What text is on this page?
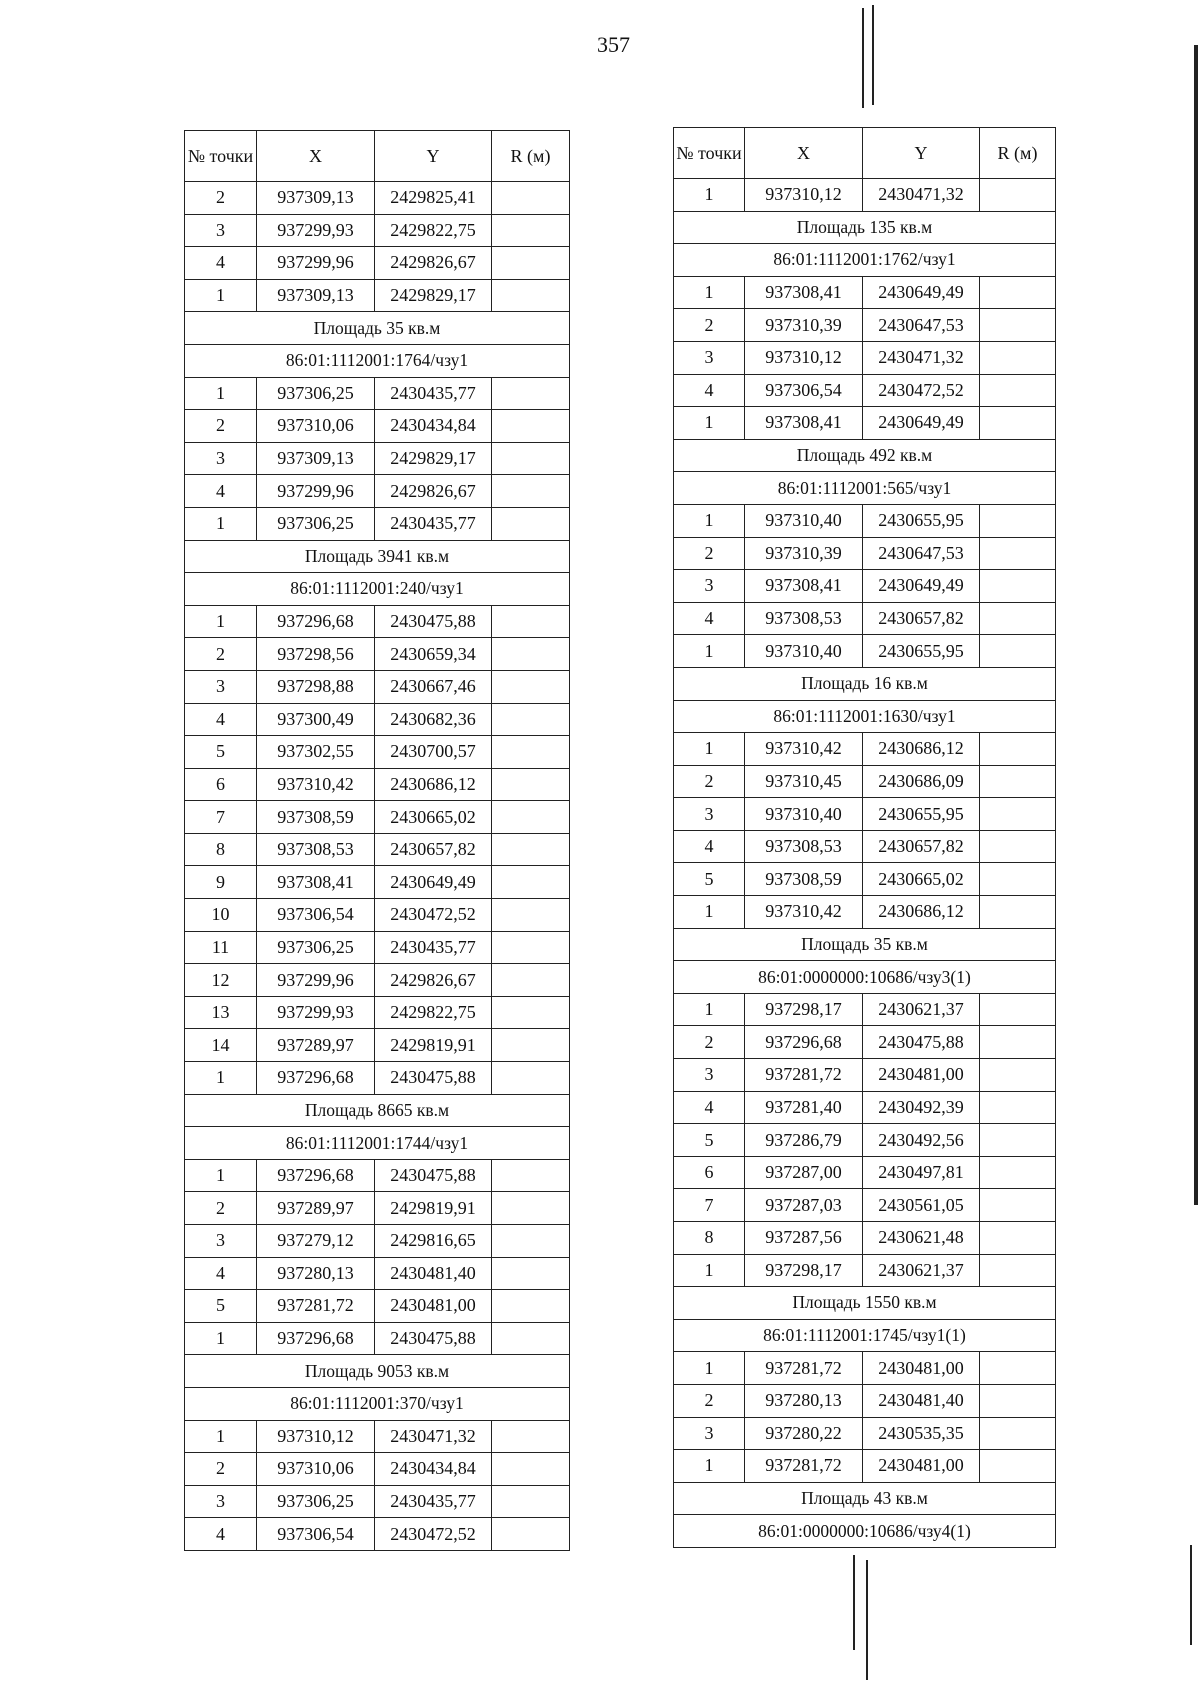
357
№ точки	X	Y	R (м)
2	937309,13	2429825,41	
3	937299,93	2429822,75	
4	937299,96	2429826,67	
1	937309,13	2429829,17	
Площадь 35 кв.м			
86:01:1112001:1764/чзу1			
1	937306,25	2430435,77	
2	937310,06	2430434,84	
3	937309,13	2429829,17	
4	937299,96	2429826,67	
1	937306,25	2430435,77	
Площадь 3941 кв.м			
86:01:1112001:240/чзу1			
1	937296,68	2430475,88	
2	937298,56	2430659,34	
3	937298,88	2430667,46	
4	937300,49	2430682,36	
5	937302,55	2430700,57	
6	937310,42	2430686,12	
7	937308,59	2430665,02	
8	937308,53	2430657,82	
9	937308,41	2430649,49	
10	937306,54	2430472,52	
11	937306,25	2430435,77	
12	937299,96	2429826,67	
13	937299,93	2429822,75	
14	937289,97	2429819,91	
1	937296,68	2430475,88	
Площадь 8665 кв.м			
86:01:1112001:1744/чзу1			
1	937296,68	2430475,88	
2	937289,97	2429819,91	
3	937279,12	2429816,65	
4	937280,13	2430481,40	
5	937281,72	2430481,00	
1	937296,68	2430475,88	
Площадь 9053 кв.м			
86:01:1112001:370/чзу1			
1	937310,12	2430471,32	
2	937310,06	2430434,84	
3	937306,25	2430435,77	
4	937306,54	2430472,52	
№ точки	X	Y	R (м)
1	937310,12	2430471,32	
Площадь 135 кв.м			
86:01:1112001:1762/чзу1			
1	937308,41	2430649,49	
2	937310,39	2430647,53	
3	937310,12	2430471,32	
4	937306,54	2430472,52	
1	937308,41	2430649,49	
Площадь 492 кв.м			
86:01:1112001:565/чзу1			
1	937310,40	2430655,95	
2	937310,39	2430647,53	
3	937308,41	2430649,49	
4	937308,53	2430657,82	
1	937310,40	2430655,95	
Площадь 16 кв.м			
86:01:1112001:1630/чзу1			
1	937310,42	2430686,12	
2	937310,45	2430686,09	
3	937310,40	2430655,95	
4	937308,53	2430657,82	
5	937308,59	2430665,02	
1	937310,42	2430686,12	
Площадь 35 кв.м			
86:01:0000000:10686/чзу3(1)			
1	937298,17	2430621,37	
2	937296,68	2430475,88	
3	937281,72	2430481,00	
4	937281,40	2430492,39	
5	937286,79	2430492,56	
6	937287,00	2430497,81	
7	937287,03	2430561,05	
8	937287,56	2430621,48	
1	937298,17	2430621,37	
Площадь 1550 кв.м			
86:01:1112001:1745/чзу1(1)			
1	937281,72	2430481,00	
2	937280,13	2430481,40	
3	937280,22	2430535,35	
1	937281,72	2430481,00	
Площадь 43 кв.м			
86:01:0000000:10686/чзу4(1)			
